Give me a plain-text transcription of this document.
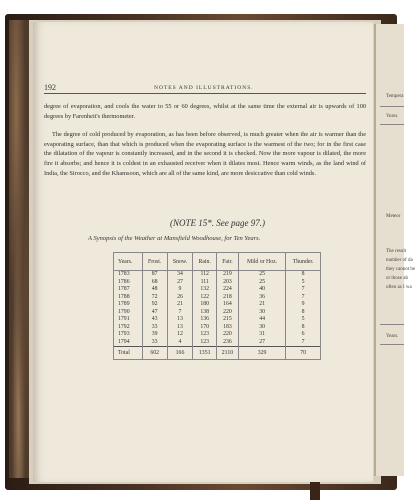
Tempera
Years.
Meteor
The result
number of da
they cannot be
or those ab
often as I wa
Years.
192	NOTES AND ILLUSTRATIONS.

degree of evaporation, and cools the water to 55 or 60 degrees, whilst at the same time the external air is upwards of 100 degrees by Farenheit's thermometer.

The degree of cold produced by evaporation, as has been before observed, is much greater when the air is warmer than the evaporating surface, than that which is produced when the evaporating surface is the warmest of the two; for in the first case the dilatation of the vapour is constantly increased, and in the second it is checked. Now the more vapour is dilated, the more fire it absorbs; and hence it is coldest in an exhausted receiver when it dilates most. Hence warm winds, as the land wind of India, the Sirocco, and the Khamsoon, which are all of the same kind, are more desiccative than cold winds.

(NOTE 15*. See page 97.)
A Synopsis of the Weather at Mansfield Woodhouse, for Ten Years.
Years.	Frost.	Snow.	Rain.	Fair.	Mild or Hoz.	Thunder.
1783	87	34	112	219	25	8
1786	68	27	111	203	25	5
1787	48	9	132	224	40	7
1788	72	26	122	218	36	7
1789	92	21	180	164	21	9
1790	47	7	138	220	30	8
1791	43	13	136	215	44	5
1792	33	13	170	183	30	8
1793	39	12	123	220	31	6
1794	33	4	123	236	27	7
Total	602	166	1351	2110	329	70
